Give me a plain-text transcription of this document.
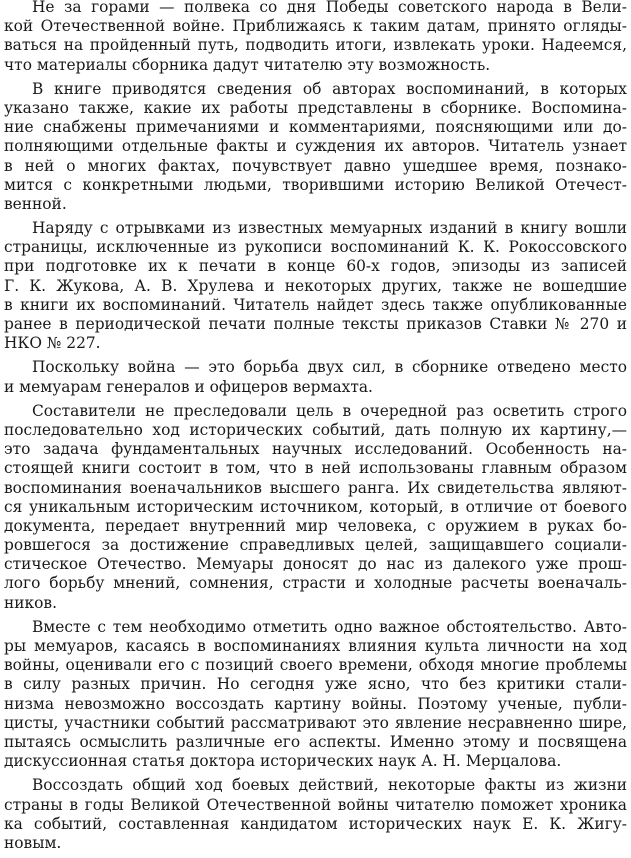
Не за горами — полвека со дня Победы советского народа в Вели-
кой Отечественной войне. Приближаясь к таким датам, принято огляды-
ваться на пройденный путь, подводить итоги, извлекать уроки. Надеемся,
что материалы сборника дадут читателю эту возможность.
В книге приводятся сведения об авторах воспоминаний, в которых
указано также, какие их работы представлены в сборнике. Воспомина-
ние снабжены примечаниями и комментариями, поясняющими или до-
полняющими отдельные факты и суждения их авторов. Читатель узнает
в ней о многих фактах, почувствует давно ушедшее время, познако-
мится с конкретными людьми, творившими историю Великой Отечест-
венной.
Наряду с отрывками из известных мемуарных изданий в книгу вошли
страницы, исключенные из рукописи воспоминаний К. К. Рокоссовского
при подготовке их к печати в конце 60-х годов, эпизоды из записей
Г. К. Жукова, А. В. Хрулева и некоторых других, также не вошедшие
в книги их воспоминаний. Читатель найдет здесь также опубликованные
ранее в периодической печати полные тексты приказов Ставки № 270 и
НКО № 227.
Поскольку война — это борьба двух сил, в сборнике отведено место
и мемуарам генералов и офицеров вермахта.
Составители не преследовали цель в очередной раз осветить строго
последовательно ход исторических событий, дать полную их картину,—
это задача фундаментальных научных исследований. Особенность на-
стоящей книги состоит в том, что в ней использованы главным образом
воспоминания военачальников высшего ранга. Их свидетельства являют-
ся уникальным историческим источником, который, в отличие от боевого
документа, передает внутренний мир человека, с оружием в руках бо-
ровшегося за достижение справедливых целей, защищавшего социали-
стическое Отечество. Мемуары доносят до нас из далекого уже прош-
лого борьбу мнений, сомнения, страсти и холодные расчеты военачаль-
ников.
Вместе с тем необходимо отметить одно важное обстоятельство. Авто-
ры мемуаров, касаясь в воспоминаниях влияния культа личности на ход
войны, оценивали его с позиций своего времени, обходя многие проблемы
в силу разных причин. Но сегодня уже ясно, что без критики стали-
низма невозможно воссоздать картину войны. Поэтому ученые, публи-
цисты, участники событий рассматривают это явление несравненно шире,
пытаясь осмыслить различные его аспекты. Именно этому и посвящена
дискуссионная статья доктора исторических наук А. Н. Мерцалова.
Воссоздать общий ход боевых действий, некоторые факты из жизни
страны в годы Великой Отечественной войны читателю поможет хроника
ка событий, составленная кандидатом исторических наук Е. К. Жигу-
новым.
